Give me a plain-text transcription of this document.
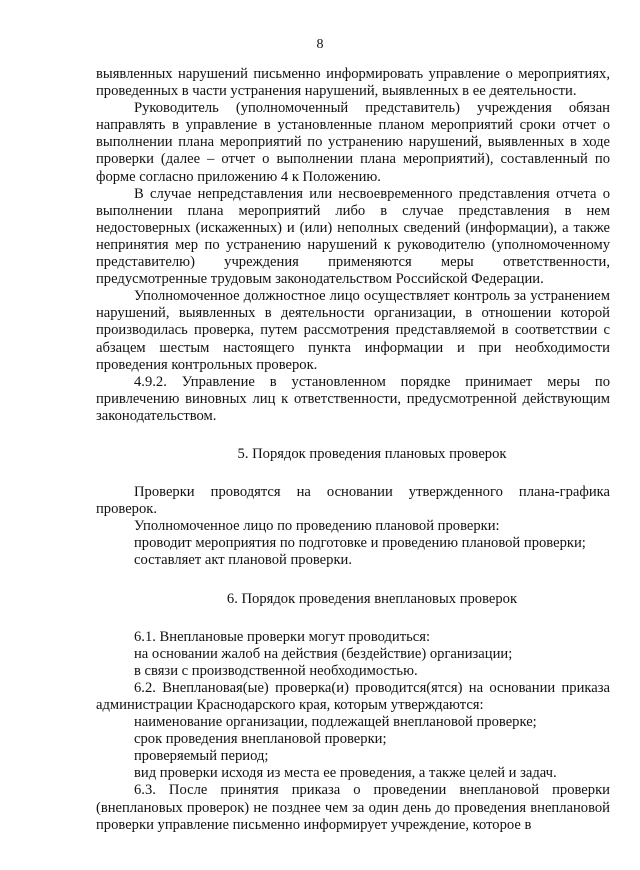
8

выявленных нарушений письменно информировать управление о мероприятиях, проведенных в части устранения нарушений, выявленных в ее деятельности.

Руководитель (уполномоченный представитель) учреждения обязан направлять в управление в установленные планом мероприятий сроки отчет о выполнении плана мероприятий по устранению нарушений, выявленных в ходе проверки (далее – отчет о выполнении плана мероприятий), составленный по форме согласно приложению 4 к Положению.

В случае непредставления или несвоевременного представления отчета о выполнении плана мероприятий либо в случае представления в нем недостоверных (искаженных) и (или) неполных сведений (информации), а также непринятия мер по устранению нарушений к руководителю (уполномоченному представителю) учреждения применяются меры ответственности, предусмотренные трудовым законодательством Российской Федерации.

Уполномоченное должностное лицо осуществляет контроль за устранением нарушений, выявленных в деятельности организации, в отношении которой производилась проверка, путем рассмотрения представляемой в соответствии с абзацем шестым настоящего пункта информации и при необходимости проведения контрольных проверок.

4.9.2. Управление в установленном порядке принимает меры по привлечению виновных лиц к ответственности, предусмотренной действующим законодательством.

5. Порядок проведения плановых проверок

Проверки проводятся на основании утвержденного плана-графика проверок.

Уполномоченное лицо по проведению плановой проверки:

проводит мероприятия по подготовке и проведению плановой проверки;

составляет акт плановой проверки.

6. Порядок проведения внеплановых проверок

6.1. Внеплановые проверки могут проводиться:

на основании жалоб на действия (бездействие) организации;

в связи с производственной необходимостью.

6.2. Внеплановая(ые) проверка(и) проводится(ятся) на основании приказа администрации Краснодарского края, которым утверждаются:

наименование организации, подлежащей внеплановой проверке;

срок проведения внеплановой проверки;

проверяемый период;

вид проверки исходя из места ее проведения, а также целей и задач.

6.3. После принятия приказа о проведении внеплановой проверки (внеплановых проверок) не позднее чем за один день до проведения внеплановой проверки управление письменно информирует учреждение, которое в
